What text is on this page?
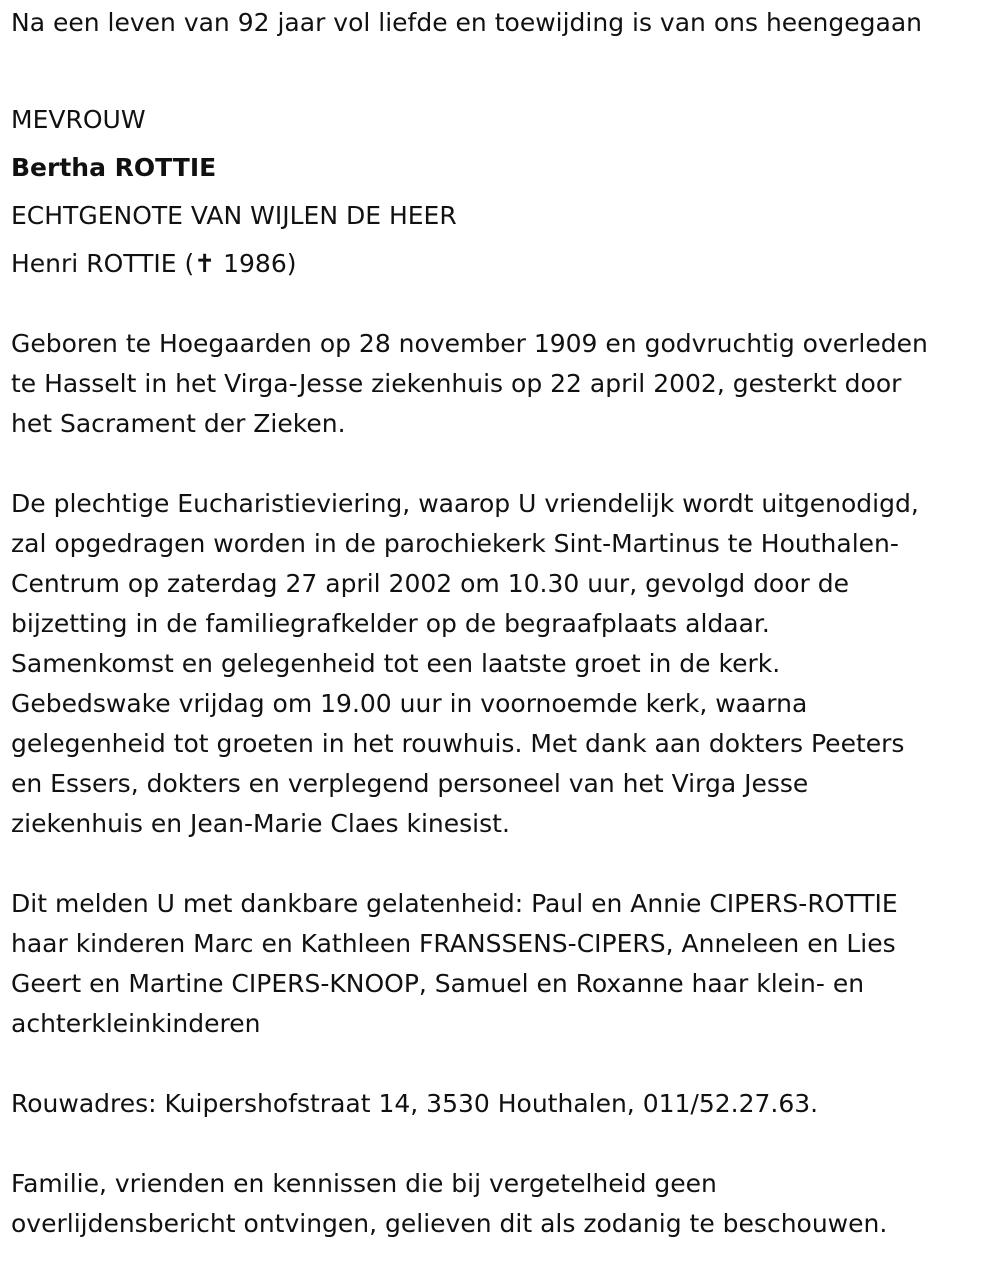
Na een leven van 92 jaar vol liefde en toewijding is van ons heengegaan

MEVROUW

Bertha ROTTIE

ECHTGENOTE VAN WIJLEN DE HEER

Henri ROTTIE (✝ 1986)

Geboren te Hoegaarden op 28 november 1909 en godvruchtig overleden
te Hasselt in het Virga-Jesse ziekenhuis op 22 april 2002, gesterkt door
het Sacrament der Zieken.

De plechtige Eucharistieviering, waarop U vriendelijk wordt uitgenodigd,
zal opgedragen worden in de parochiekerk Sint-Martinus te Houthalen-
Centrum op zaterdag 27 april 2002 om 10.30 uur, gevolgd door de
bijzetting in de familiegrafkelder op de begraafplaats aldaar.
Samenkomst en gelegenheid tot een laatste groet in de kerk.
Gebedswake vrijdag om 19.00 uur in voornoemde kerk, waarna
gelegenheid tot groeten in het rouwhuis. Met dank aan dokters Peeters
en Essers, dokters en verplegend personeel van het Virga Jesse
ziekenhuis en Jean-Marie Claes kinesist.

Dit melden U met dankbare gelatenheid: Paul en Annie CIPERS-ROTTIE
haar kinderen Marc en Kathleen FRANSSENS-CIPERS, Anneleen en Lies
Geert en Martine CIPERS-KNOOP, Samuel en Roxanne haar klein- en
achterkleinkinderen

Rouwadres: Kuipershofstraat 14, 3530 Houthalen, 011/52.27.63.

Familie, vrienden en kennissen die bij vergetelheid geen
overlijdensbericht ontvingen, gelieven dit als zodanig te beschouwen.
